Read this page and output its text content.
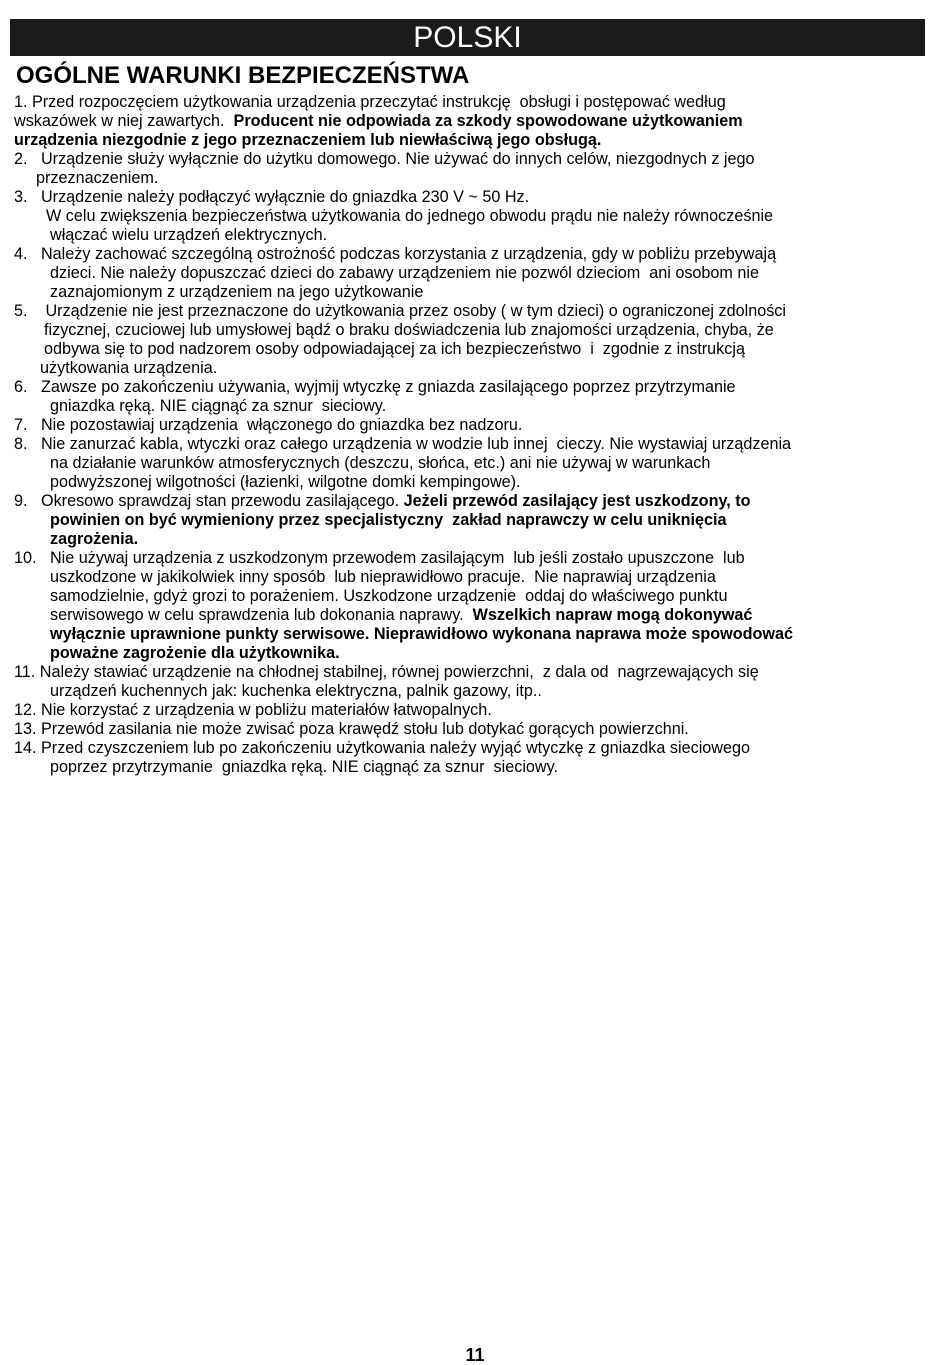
POLSKI
OGÓLNE WARUNKI BEZPIECZEŃSTWA
1. Przed rozpoczęciem użytkowania urządzenia przeczytać instrukcję  obsługi i postępować według
wskazówek w niej zawartych.  Producent nie odpowiada za szkody spowodowane użytkowaniem
urządzenia niezgodnie z jego przeznaczeniem lub niewłaściwą jego obsługą.
2.   Urządzenie służy wyłącznie do użytku domowego. Nie używać do innych celów, niezgodnych z jego
przeznaczeniem.
3.   Urządzenie należy podłączyć wyłącznie do gniazdka 230 V ~ 50 Hz.
W celu zwiększenia bezpieczeństwa użytkowania do jednego obwodu prądu nie należy równocześnie
włączać wielu urządzeń elektrycznych.
4.   Należy zachować szczególną ostrożność podczas korzystania z urządzenia, gdy w pobliżu przebywają
dzieci. Nie należy dopuszczać dzieci do zabawy urządzeniem nie pozwól dzieciom  ani osobom nie
zaznajomionym z urządzeniem na jego użytkowanie
5.    Urządzenie nie jest przeznaczone do użytkowania przez osoby ( w tym dzieci) o ograniczonej zdolności
fizycznej, czuciowej lub umysłowej bądź o braku doświadczenia lub znajomości urządzenia, chyba, że
odbywa się to pod nadzorem osoby odpowiadającej za ich bezpieczeństwo  i  zgodnie z instrukcją
użytkowania urządzenia.
6.   Zawsze po zakończeniu używania, wyjmij wtyczkę z gniazda zasilającego poprzez przytrzymanie
gniazdka ręką. NIE ciągnąć za sznur  sieciowy.
7.   Nie pozostawiaj urządzenia  włączonego do gniazdka bez nadzoru.
8.   Nie zanurzać kabla, wtyczki oraz całego urządzenia w wodzie lub innej  cieczy. Nie wystawiaj urządzenia
na działanie warunków atmosferycznych (deszczu, słońca, etc.) ani nie używaj w warunkach
podwyższonej wilgotności (łazienki, wilgotne domki kempingowe).
9.   Okresowo sprawdzaj stan przewodu zasilającego. Jeżeli przewód zasilający jest uszkodzony, to
powinien on być wymieniony przez specjalistyczny  zakład naprawczy w celu uniknięcia
zagrożenia.
10.   Nie używaj urządzenia z uszkodzonym przewodem zasilającym  lub jeśli zostało upuszczone  lub
uszkodzone w jakikolwiek inny sposób  lub nieprawidłowo pracuje.  Nie naprawiaj urządzenia
samodzielnie, gdyż grozi to porażeniem. Uszkodzone urządzenie  oddaj do właściwego punktu
serwisowego w celu sprawdzenia lub dokonania naprawy.  Wszelkich napraw mogą dokonywać
wyłącznie uprawnione punkty serwisowe. Nieprawidłowo wykonana naprawa może spowodować
poważne zagrożenie dla użytkownika.
11. Należy stawiać urządzenie na chłodnej stabilnej, równej powierzchni,  z dala od  nagrzewających się
urządzeń kuchennych jak: kuchenka elektryczna, palnik gazowy, itp..
12. Nie korzystać z urządzenia w pobliżu materiałów łatwopalnych.
13. Przewód zasilania nie może zwisać poza krawędź stołu lub dotykać gorących powierzchni.
14. Przed czyszczeniem lub po zakończeniu użytkowania należy wyjąć wtyczkę z gniazdka sieciowego
poprzez przytrzymanie  gniazdka ręką. NIE ciągnąć za sznur  sieciowy.
11
